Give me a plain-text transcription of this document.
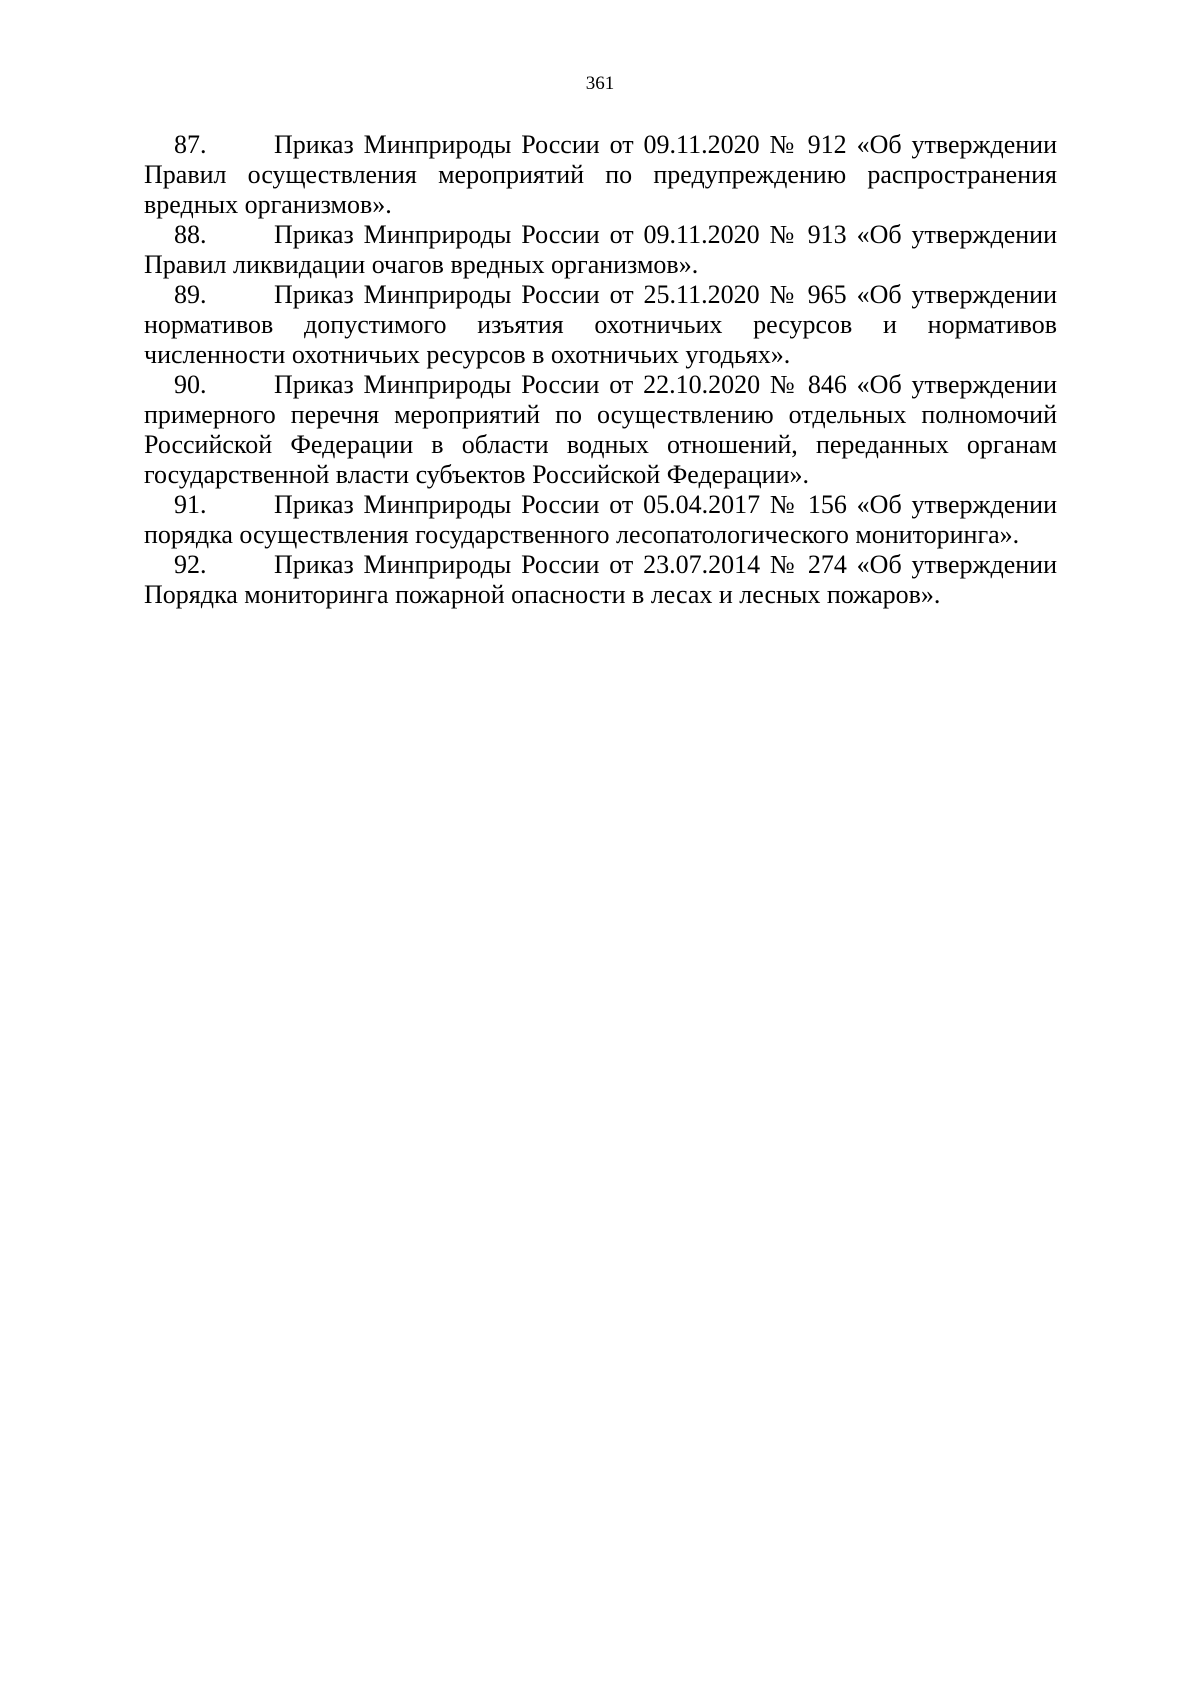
361

87.	Приказ Минприроды России от 09.11.2020 № 912 «Об утверждении Правил осуществления мероприятий по предупреждению распространения вредных организмов».

88.	Приказ Минприроды России от 09.11.2020 № 913 «Об утверждении Правил ликвидации очагов вредных организмов».

89.	Приказ Минприроды России от 25.11.2020 № 965 «Об утверждении нормативов допустимого изъятия охотничьих ресурсов и нормативов численности охотничьих ресурсов в охотничьих угодьях».

90.	Приказ Минприроды России от 22.10.2020 № 846 «Об утверждении примерного перечня мероприятий по осуществлению отдельных полномочий Российской Федерации в области водных отношений, переданных органам государственной власти субъектов Российской Федерации».

91.	Приказ Минприроды России от 05.04.2017 № 156 «Об утверждении порядка осуществления государственного лесопатологического мониторинга».

92.	Приказ Минприроды России от 23.07.2014 № 274 «Об утверждении Порядка мониторинга пожарной опасности в лесах и лесных пожаров».
